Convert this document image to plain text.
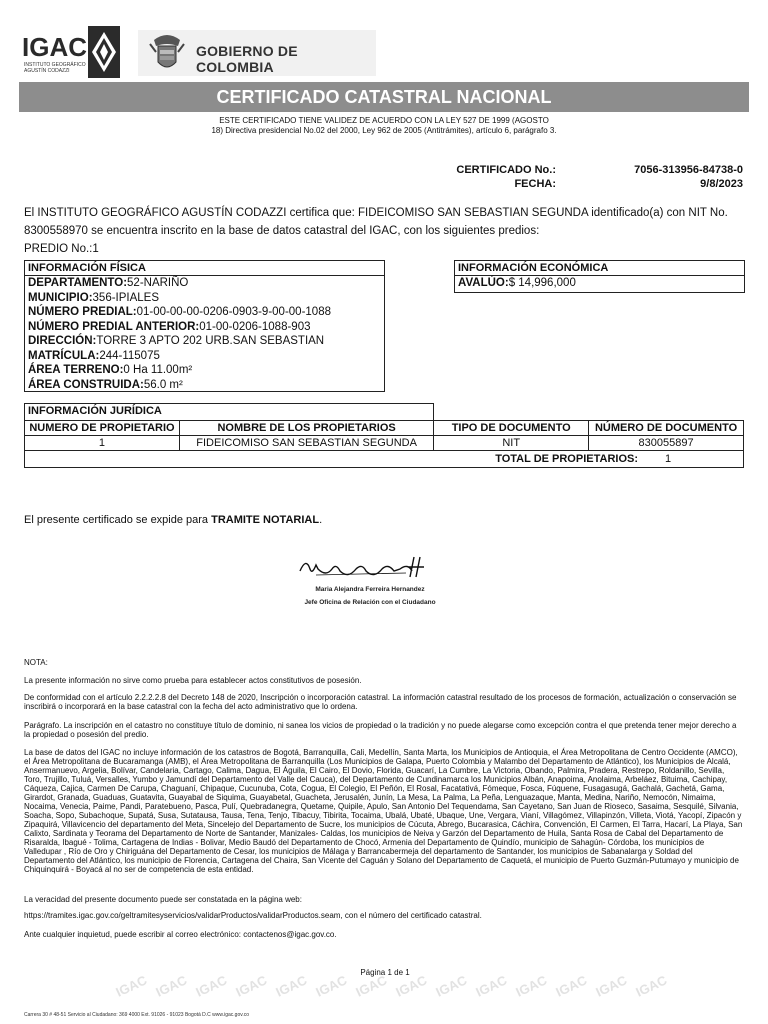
IGAC
INSTITUTO GEOGRÁFICO AGUSTÍN CODAZZI
GOBIERNO DE COLOMBIA
CERTIFICADO CATASTRAL NACIONAL
ESTE CERTIFICADO TIENE VALIDEZ DE ACUERDO CON LA LEY 527 DE 1999 (AGOSTO
18) Directiva presidencial No.02 del 2000, Ley 962 de 2005 (Antitrámites), artículo 6, parágrafo 3.
CERTIFICADO No.:	7056-313956-84738-0
FECHA:	9/8/2023
El INSTITUTO GEOGRÁFICO AGUSTÍN CODAZZI certifica que: FIDEICOMISO SAN SEBASTIAN SEGUNDA identificado(a) con NIT No.
8300558970 se encuentra inscrito en la base de datos catastral del IGAC, con los siguientes predios:
PREDIO No.:1
INFORMACIÓN FÍSICA
DEPARTAMENTO:52-NARIÑO
MUNICIPIO:356-IPIALES
NÚMERO PREDIAL:01-00-00-00-0206-0903-9-00-00-1088
NÚMERO PREDIAL ANTERIOR:01-00-0206-1088-903
DIRECCIÓN:TORRE 3 APTO 202 URB.SAN SEBASTIAN
MATRÍCULA:244-115075
ÁREA TERRENO:0 Ha 11.00m²
ÁREA CONSTRUIDA:56.0 m²
INFORMACIÓN ECONÓMICA
AVALÚO:$ 14,996,000
INFORMACIÓN JURÍDICA
NUMERO DE PROPIETARIO	NOMBRE DE LOS PROPIETARIOS	TIPO DE DOCUMENTO	NÚMERO DE DOCUMENTO
1	FIDEICOMISO SAN SEBASTIAN SEGUNDA	NIT	830055897
TOTAL DE PROPIETARIOS: 1			
El presente certificado se expide para TRAMITE NOTARIAL.
Maria Alejandra Ferreira Hernandez
Jefe Oficina de Relación con el Ciudadano
NOTA:
La presente información no sirve como prueba para establecer actos constitutivos de posesión.
De conformidad con el artículo 2.2.2.2.8 del Decreto 148 de 2020, Inscripción o incorporación catastral. La información catastral resultado de los procesos de formación, actualización o conservación se inscribirá o incorporará en la base catastral con la fecha del acto administrativo que lo ordena.
Parágrafo. La inscripción en el catastro no constituye título de dominio, ni sanea los vicios de propiedad o la tradición y no puede alegarse como excepción contra el que pretenda tener mejor derecho a la propiedad o posesión del predio.
La base de datos del IGAC no incluye información de los catastros de Bogotá, Barranquilla, Cali, Medellín, Santa Marta, los Municipios de Antioquia, el Área Metropolitana de Centro Occidente (AMCO), el Área Metropolitana de Bucaramanga (AMB), el Área Metropolitana de Barranquilla (Los Municipios de Galapa, Puerto Colombia y Malambo del Departamento de Atlántico), los Municipios de Alcalá, Ansermanuevo, Argelia, Bolívar, Candelaria, Cartago, Calima, Dagua, El Águila, El Cairo, El Dovio, Florida, Guacarí, La Cumbre, La Victoria, Obando, Palmira, Pradera, Restrepo, Roldanillo, Sevilla, Toro, Trujillo, Tuluá, Versalles, Yumbo y Jamundí del Departamento del Valle del Cauca), del Departamento de Cundinamarca los Municipios Albán, Anapoima, Anolaima, Arbeláez, Bituima, Cachipay, Cáqueza, Cajica, Carmen De Carupa, Chaguaní, Chipaque, Cucunuba, Cota, Cogua, El Colegio, El Peñón, El Rosal, Facatativá, Fómeque, Fosca, Fúquene, Fusagasugá, Gachalá, Gachetá, Gama, Girardot, Granada, Guaduas, Guatavita, Guayabal de Siquima, Guayabetal, Guacheta, Jerusalén, Junín, La Mesa, La Palma, La Peña, Lenguazaque, Manta, Medina, Nariño, Nemocón, Nimaima, Nocaima, Venecia, Paime, Pandi, Paratebueno, Pasca, Pulí, Quebradanegra, Quetame, Quipile, Apulo, San Antonio Del Tequendama, San Cayetano, San Juan de Rioseco, Sasaima, Sesquilé, Silvania, Soacha, Sopo, Subachoque, Supatá, Susa, Sutatausa, Tausa, Tena, Tenjo, Tibacuy, Tibirita, Tocaima, Ubalá, Ubaté, Ubaque, Une, Vergara, Vianí, Villagómez, Villapinzón, Villeta, Viotá, Yacopí, Zipacón y Zipaquirá, Villavicencio del departamento del Meta, Sincelejo del Departamento de Sucre, los municipios de Cúcuta, Abrego, Bucarasica, Cáchira, Convención, El Carmen, El Tarra, Hacarí, La Playa, San Calixto, Sardinata y Teorama del Departamento de Norte de Santander, Manizales- Caldas, los municipios de Neiva y Garzón del Departamento de Huila, Santa Rosa de Cabal del Departamento de Risaralda, Ibagué - Tolima, Cartagena de Indias - Bolivar, Medio Baudó del Departamento de Chocó, Armenia del Departamento de Quindío, municipio de Sahagún- Córdoba, los municipios de Valledupar , Río de Oro y Chiriguána del Departamento de Cesar, los municipios de Málaga y Barrancabermeja del departamento de Santander, los municipios de Sabanalarga y Soldad del Departamento del Atlántico, los municipio de Florencia, Cartagena del Chaira, San Vicente del Caguán y Solano del Departamento de Caquetá, el municipio de Puerto Guzmán-Putumayo y municipio de Chiquinquirá - Boyacá al no ser de competencia de esta entidad.
La veracidad del presente documento puede ser constatada en la página web:
https://tramites.igac.gov.co/geltramitesyservicios/validarProductos/validarProductos.seam, con el número del certificado catastral.
Ante cualquier inquietud, puede escribir al correo electrónico: contactenos@igac.gov.co.
Página 1 de 1
IGAC IGAC IGAC IGAC IGAC IGAC IGAC IGAC IGAC IGAC IGAC IGAC IGAC IGAC
Carrera 30 # 48-51 Servicio al Ciudadano: 369 4000 Ext. 91026 - 91023 Bogotá D.C www.igac.gov.co
